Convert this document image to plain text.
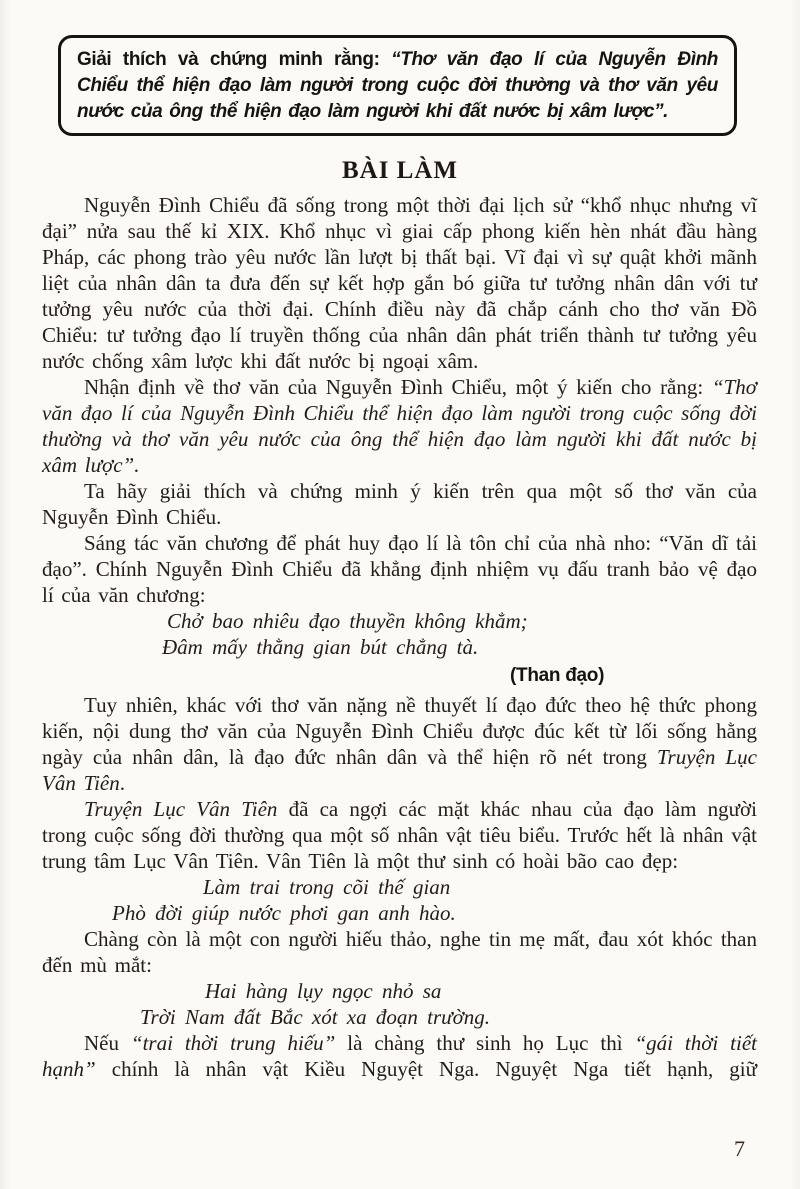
Giải thích và chứng minh rằng: “Thơ văn đạo lí của Nguyễn Đình Chiểu thể hiện đạo làm người trong cuộc đời thường và thơ văn yêu nước của ông thể hiện đạo làm người khi đất nước bị xâm lược”.
BÀI LÀM

Nguyễn Đình Chiểu đã sống trong một thời đại lịch sử “khổ nhục nhưng vĩ đại” nửa sau thế kỉ XIX. Khổ nhục vì giai cấp phong kiến hèn nhát đầu hàng Pháp, các phong trào yêu nước lần lượt bị thất bại. Vĩ đại vì sự quật khởi mãnh liệt của nhân dân ta đưa đến sự kết hợp gắn bó giữa tư tưởng nhân dân với tư tưởng yêu nước của thời đại. Chính điều này đã chắp cánh cho thơ văn Đồ Chiểu: tư tưởng đạo lí truyền thống của nhân dân phát triển thành tư tưởng yêu nước chống xâm lược khi đất nước bị ngoại xâm.

Nhận định về thơ văn của Nguyễn Đình Chiểu, một ý kiến cho rằng: “Thơ văn đạo lí của Nguyễn Đình Chiểu thể hiện đạo làm người trong cuộc sống đời thường và thơ văn yêu nước của ông thể hiện đạo làm người khi đất nước bị xâm lược”.

Ta hãy giải thích và chứng minh ý kiến trên qua một số thơ văn của Nguyễn Đình Chiểu.

Sáng tác văn chương để phát huy đạo lí là tôn chỉ của nhà nho: “Văn dĩ tải đạo”. Chính Nguyễn Đình Chiểu đã khẳng định nhiệm vụ đấu tranh bảo vệ đạo lí của văn chương:

Chở bao nhiêu đạo thuyền không khẳm;
Đâm mấy thằng gian bút chẳng tà.
(Than đạo)

Tuy nhiên, khác với thơ văn nặng nề thuyết lí đạo đức theo hệ thức phong kiến, nội dung thơ văn của Nguyễn Đình Chiểu được đúc kết từ lối sống hằng ngày của nhân dân, là đạo đức nhân dân và thể hiện rõ nét trong Truyện Lục Vân Tiên.

Truyện Lục Vân Tiên đã ca ngợi các mặt khác nhau của đạo làm người trong cuộc sống đời thường qua một số nhân vật tiêu biểu. Trước hết là nhân vật trung tâm Lục Vân Tiên. Vân Tiên là một thư sinh có hoài bão cao đẹp:

Làm trai trong cõi thế gian
Phò đời giúp nước phơi gan anh hào.

Chàng còn là một con người hiếu thảo, nghe tin mẹ mất, đau xót khóc than đến mù mắt:

Hai hàng lụy ngọc nhỏ sa
Trời Nam đất Bắc xót xa đoạn trường.

Nếu “trai thời trung hiếu” là chàng thư sinh họ Lục thì “gái thời tiết hạnh” chính là nhân vật Kiều Nguyệt Nga. Nguyệt Nga tiết hạnh, giữ

7
